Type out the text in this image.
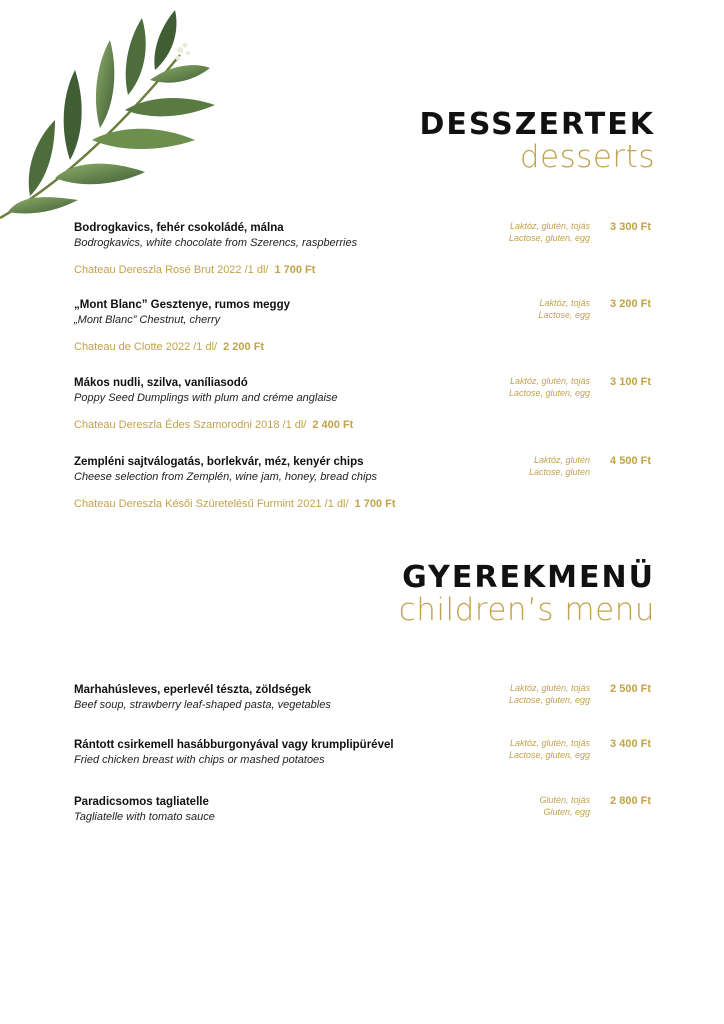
DESSZERTEK
desserts
Bodrogkavics, fehér csokoládé, málna
Bodrogkavics, white chocolate from Szerencs, raspberries
Laktóz, glutén, tojás
Lactose, gluten, egg
3 300 Ft
Chateau Dereszla Rosé Brut 2022 /1 dl/ 1 700 Ft
„Mont Blanc” Gesztenye, rumos meggy
„Mont Blanc” Chestnut, cherry
Laktóz, tojás
Lactose, egg
3 200 Ft
Chateau de Clotte 2022 /1 dl/ 2 200 Ft
Mákos nudli, szilva, vaníliasodó
Poppy Seed Dumplings with plum and créme anglaise
Laktóz, glutén, tojás
Lactose, gluten, egg
3 100 Ft
Chateau Dereszla Édes Szamorodni 2018 /1 dl/ 2 400 Ft
Zempléni sajtválogatás, borlekvár, méz, kenyér chips
Cheese selection from Zemplén, wine jam, honey, bread chips
Laktóz, glutén
Lactose, gluten
4 500 Ft
Chateau Dereszla Késői Szüretelésű Furmint 2021 /1 dl/ 1 700 Ft
GYEREKMENÜ
children’s menu
Marhahúsleves, eperlevél tészta, zöldségek
Beef soup, strawberry leaf-shaped pasta, vegetables
Laktóz, glutén, tojás
Lactose, gluten, egg
2 500 Ft
Rántott csirkemell hasábburgonyával vagy krumplipürével
Fried chicken breast with chips or mashed potatoes
Laktóz, glutén, tojás
Lactose, gluten, egg
3 400 Ft
Paradicsomos tagliatelle
Tagliatelle with tomato sauce
Glutén, tojás
Gluten, egg
2 800 Ft
